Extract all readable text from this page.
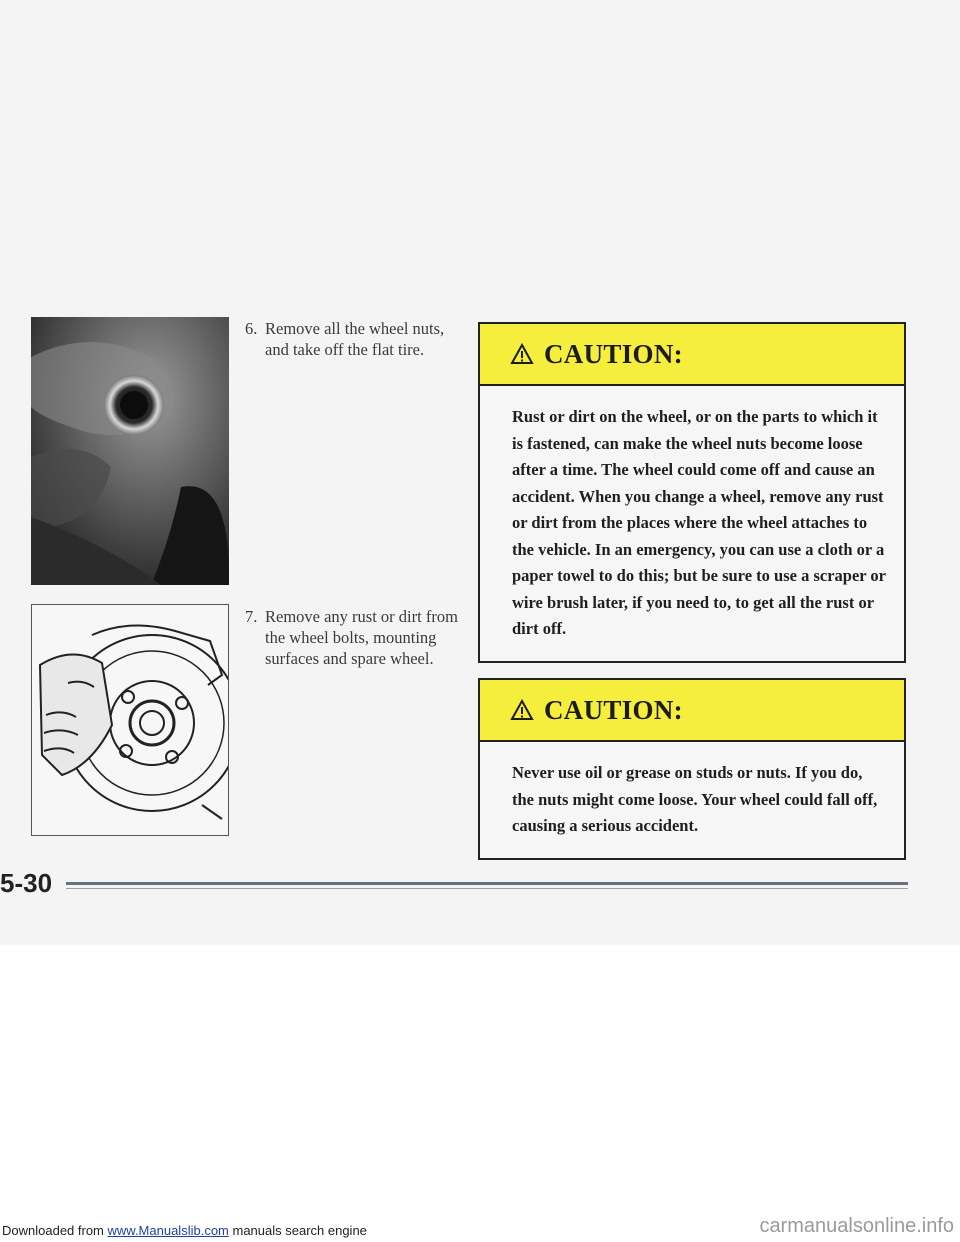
6. Remove all the wheel nuts, and take off the flat tire.
7. Remove any rust or dirt from the wheel bolts, mounting surfaces and spare wheel.
CAUTION:
Rust or dirt on the wheel, or on the parts to which it is fastened, can make the wheel nuts become loose after a time. The wheel could come off and cause an accident. When you change a wheel, remove any rust or dirt from the places where the wheel attaches to the vehicle. In an emergency, you can use a cloth or a paper towel to do this; but be sure to use a scraper or wire brush later, if you need to, to get all the rust or dirt off.
CAUTION:
Never use oil or grease on studs or nuts. If you do, the nuts might come loose. Your wheel could fall off, causing a serious accident.
5-30
Downloaded from www.Manualslib.com manuals search engine	carmanualsonline.info
